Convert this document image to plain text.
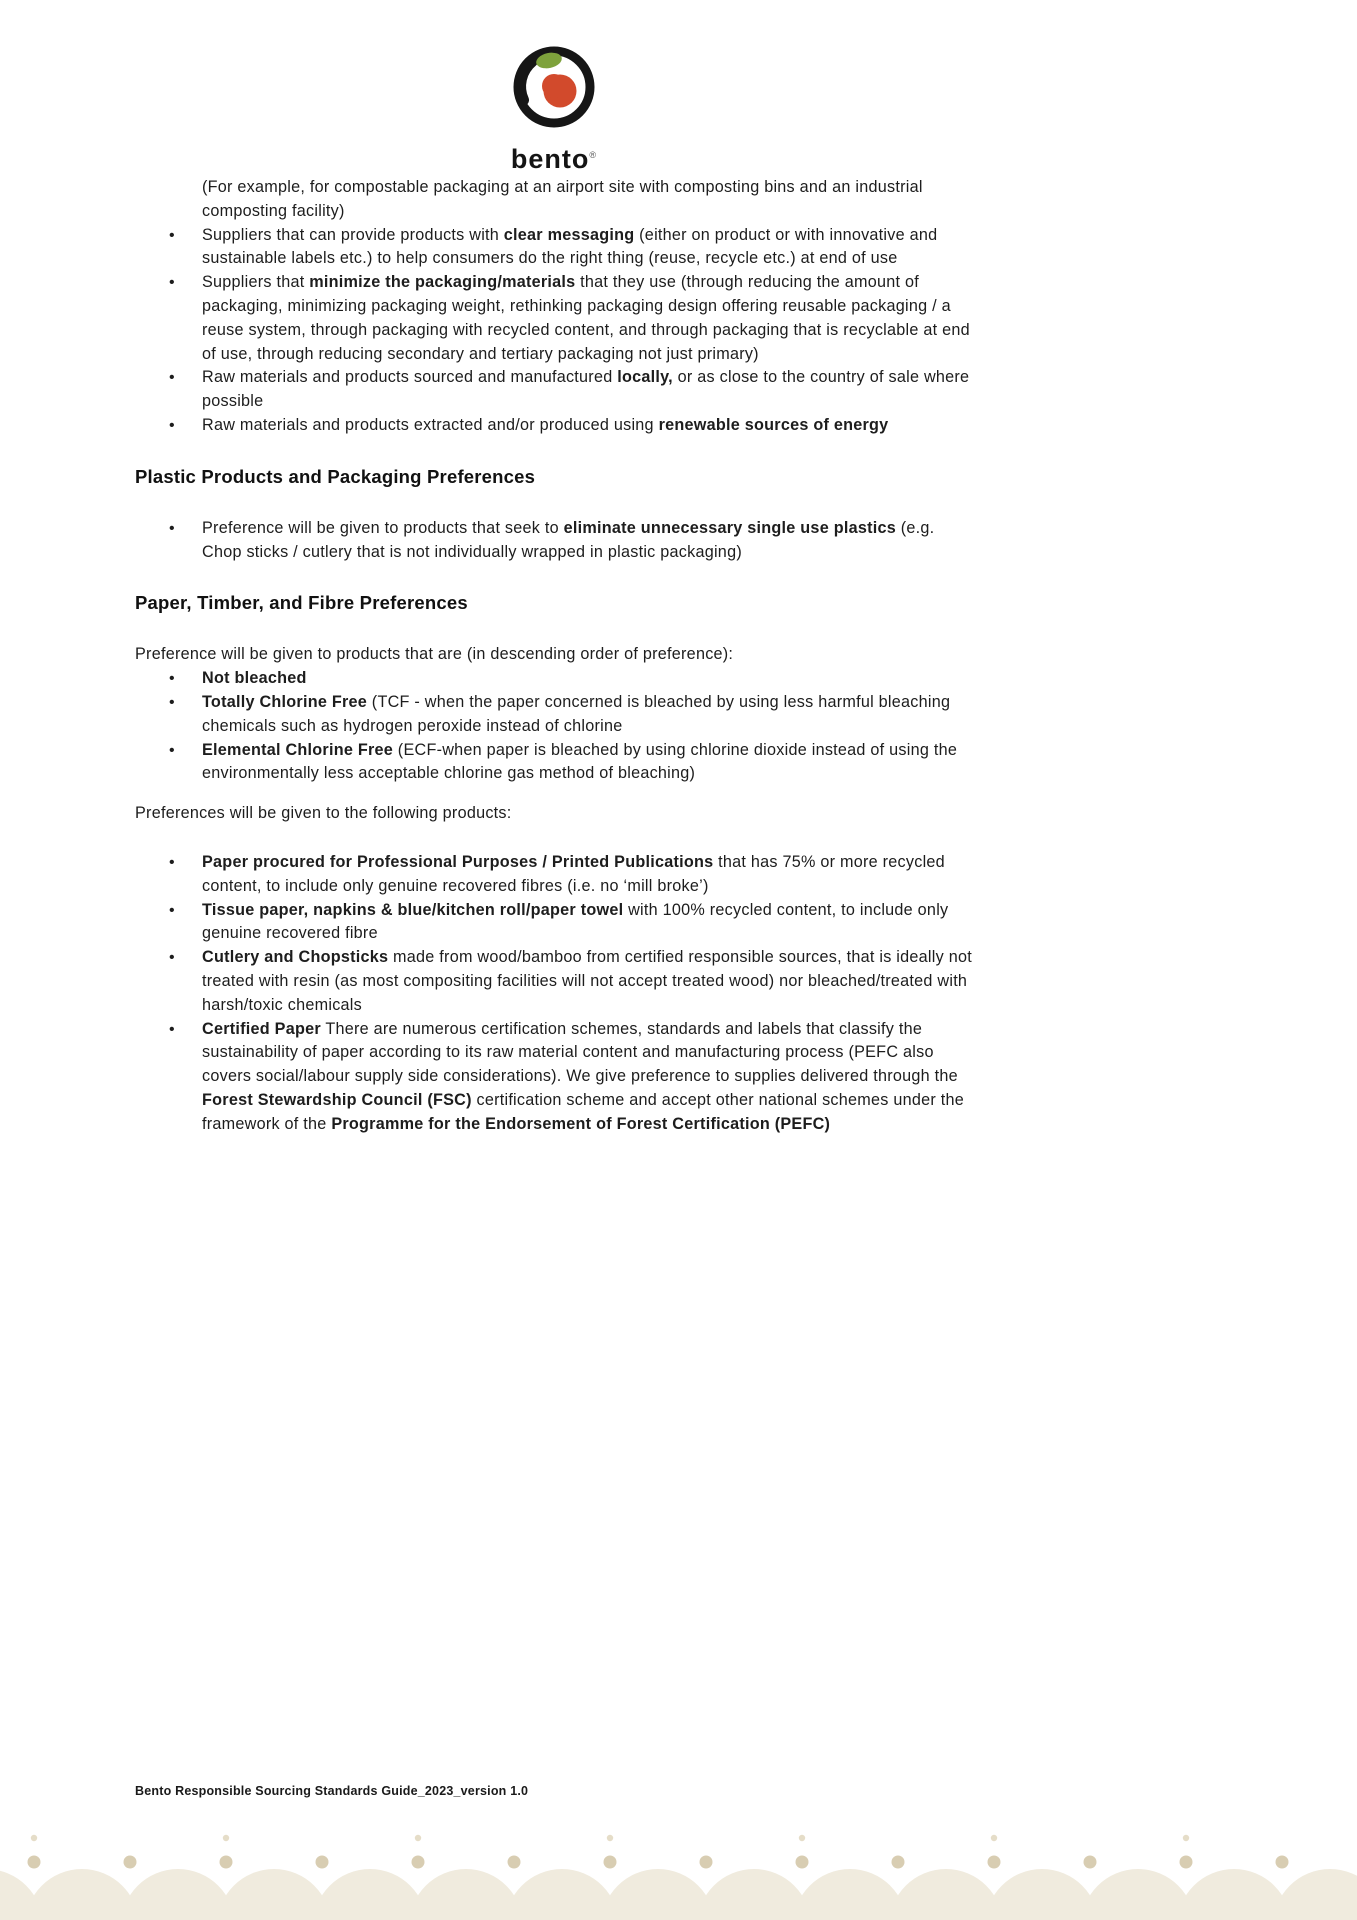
bento®

(For example, for compostable packaging at an airport site with composting bins and an industrial composting facility)

• Suppliers that can provide products with clear messaging (either on product or with innovative and sustainable labels etc.) to help consumers do the right thing (reuse, recycle etc.) at end of use
• Suppliers that minimize the packaging/materials that they use (through reducing the amount of packaging, minimizing packaging weight, rethinking packaging design offering reusable packaging / a reuse system, through packaging with recycled content, and through packaging that is recyclable at end of use, through reducing secondary and tertiary packaging not just primary)
• Raw materials and products sourced and manufactured locally, or as close to the country of sale where possible
• Raw materials and products extracted and/or produced using renewable sources of energy
Plastic Products and Packaging Preferences
• Preference will be given to products that seek to eliminate unnecessary single use plastics (e.g. Chop sticks / cutlery that is not individually wrapped in plastic packaging)
Paper, Timber, and Fibre Preferences

Preference will be given to products that are (in descending order of preference):

• Not bleached
• Totally Chlorine Free (TCF - when the paper concerned is bleached by using less harmful bleaching chemicals such as hydrogen peroxide instead of chlorine
• Elemental Chlorine Free (ECF-when paper is bleached by using chlorine dioxide instead of using the environmentally less acceptable chlorine gas method of bleaching)

Preferences will be given to the following products:

• Paper procured for Professional Purposes / Printed Publications that has 75% or more recycled content, to include only genuine recovered fibres (i.e. no ‘mill broke’)
• Tissue paper, napkins & blue/kitchen roll/paper towel with 100% recycled content, to include only genuine recovered fibre
• Cutlery and Chopsticks made from wood/bamboo from certified responsible sources, that is ideally not treated with resin (as most compositing facilities will not accept treated wood) nor bleached/treated with harsh/toxic chemicals
• Certified Paper There are numerous certification schemes, standards and labels that classify the sustainability of paper according to its raw material content and manufacturing process (PEFC also covers social/labour supply side considerations). We give preference to supplies delivered through the Forest Stewardship Council (FSC) certification scheme and accept other national schemes under the framework of the Programme for the Endorsement of Forest Certification (PEFC)
Bento Responsible Sourcing Standards Guide_2023_version 1.0
